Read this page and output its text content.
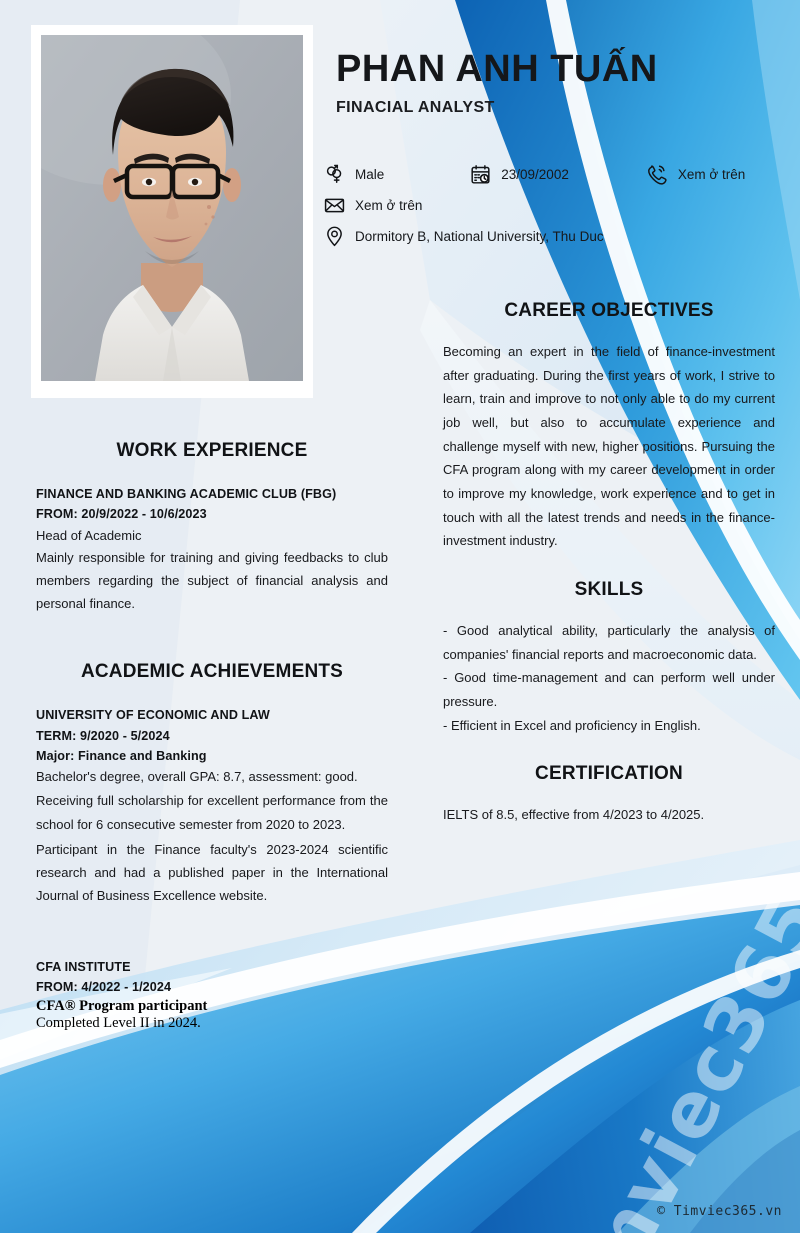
PHAN ANH TUẤN
FINACIAL ANALYST
Male	23/09/2002	Xem ở trên
Xem ở trên
Dormitory B, National University, Thu Duc
WORK EXPERIENCE
FINANCE AND BANKING ACADEMIC CLUB (FBG)
FROM: 20/9/2022 - 10/6/2023
Head of Academic

Mainly responsible for training and giving feedbacks to club members regarding the subject of financial analysis and personal finance.

ACADEMIC ACHIEVEMENTS
UNIVERSITY OF ECONOMIC AND LAW
TERM: 9/2020 - 5/2024
Major: Finance and Banking
Bachelor's degree, overall GPA: 8.7, assessment: good.

Receiving full scholarship for excellent performance from the school for 6 consecutive semester from 2020 to 2023.

Participant in the Finance faculty's 2023-2024 scientific research and had a published paper in the International Journal of Business Excellence website.

CFA INSTITUTE
FROM: 4/2022 - 1/2024
CFA® Program participant
Completed Level II in 2024.
CAREER OBJECTIVES

Becoming an expert in the field of finance-investment after graduating. During the first years of work, I strive to learn, train and improve to not only able to do my current job well, but also to accumulate experience and challenge myself with new, higher positions. Pursuing the CFA program along with my career development in order to improve my knowledge, work experience and to get in touch with all the latest trends and needs in the finance-investment industry.

SKILLS

- Good analytical ability, particularly the analysis of companies' financial reports and macroeconomic data.

- Good time-management and can perform well under pressure.

- Efficient in Excel and proficiency in English.

CERTIFICATION

IELTS of 8.5, effective from 4/2023 to 4/2025.

© Timviec365.vn
